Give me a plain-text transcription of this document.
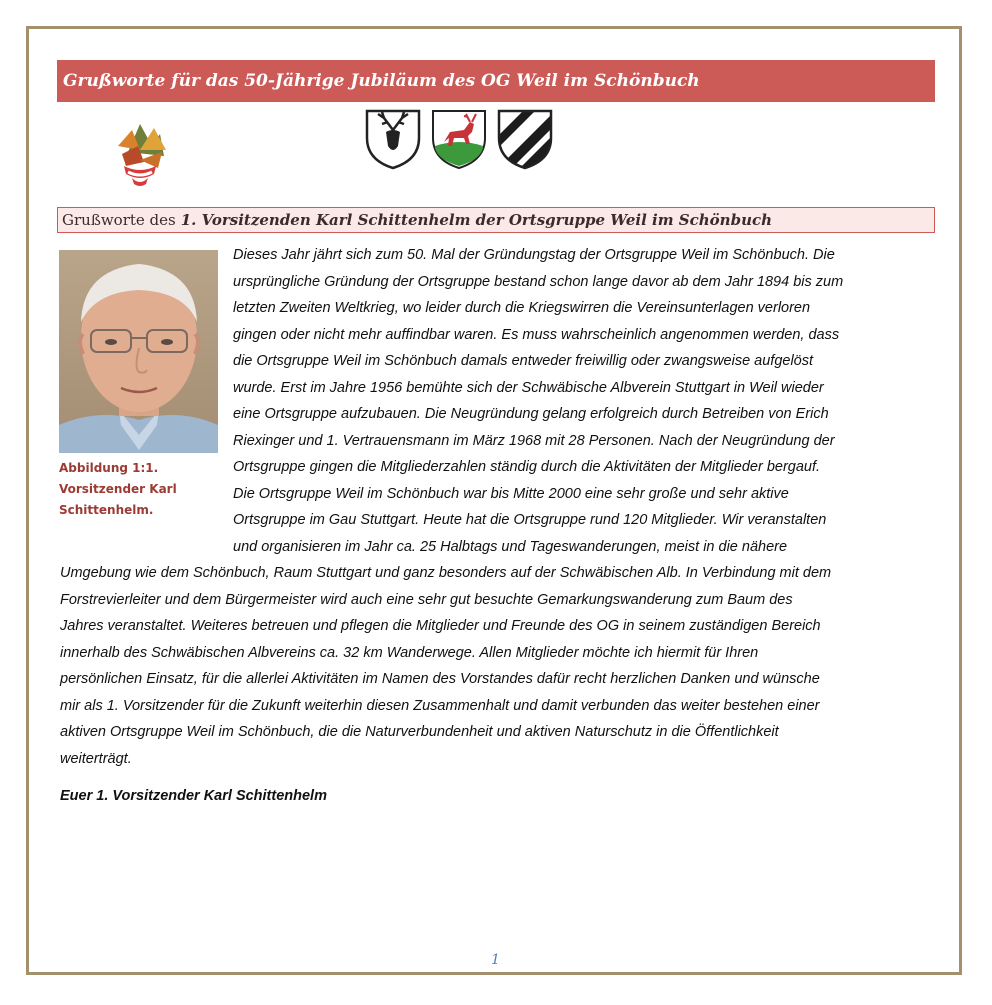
Grußworte für das 50-Jährige Jubiläum des OG Weil im Schönbuch
Grußworte des 1. Vorsitzenden Karl Schittenhelm der Ortsgruppe Weil im Schönbuch
Abbildung 1:1.
Vorsitzender Karl
Schittenhelm.
Dieses Jahr jährt sich zum 50. Mal der Gründungstag der Ortsgruppe Weil im Schönbuch. Die
ursprüngliche Gründung der Ortsgruppe bestand schon lange davor ab dem Jahr 1894 bis zum
letzten Zweiten Weltkrieg, wo leider durch die Kriegswirren die Vereinsunterlagen verloren
gingen oder nicht mehr auffindbar waren. Es muss wahrscheinlich angenommen werden, dass
die Ortsgruppe Weil im Schönbuch damals entweder freiwillig oder zwangsweise aufgelöst
wurde. Erst im Jahre 1956 bemühte sich der Schwäbische Albverein Stuttgart in Weil wieder
eine Ortsgruppe aufzubauen. Die Neugründung gelang erfolgreich durch Betreiben von Erich
Riexinger und 1. Vertrauensmann im März 1968 mit 28 Personen. Nach der Neugründung der
Ortsgruppe gingen die Mitgliederzahlen ständig durch die Aktivitäten der Mitglieder bergauf.
Die Ortsgruppe Weil im Schönbuch war bis Mitte 2000 eine sehr große und sehr aktive
Ortsgruppe im Gau Stuttgart. Heute hat die Ortsgruppe rund 120 Mitglieder. Wir veranstalten
und organisieren im Jahr ca. 25 Halbtags und Tageswanderungen, meist in die nähere
Umgebung wie dem Schönbuch, Raum Stuttgart und ganz besonders auf der Schwäbischen Alb. In Verbindung mit dem
Forstrevierleiter und dem Bürgermeister wird auch eine sehr gut besuchte Gemarkungswanderung zum Baum des
Jahres veranstaltet. Weiteres betreuen und pflegen die Mitglieder und Freunde des OG in seinem zuständigen Bereich
innerhalb des Schwäbischen Albvereins ca. 32 km Wanderwege. Allen Mitglieder möchte ich hiermit für Ihren
persönlichen Einsatz, für die allerlei Aktivitäten im Namen des Vorstandes dafür recht herzlichen Danken und wünsche
mir als 1. Vorsitzender für die Zukunft weiterhin diesen Zusammenhalt und damit verbunden das weiter bestehen einer
aktiven Ortsgruppe Weil im Schönbuch, die die Naturverbundenheit und aktiven Naturschutz in die Öffentlichkeit
weiterträgt.
Euer 1. Vorsitzender Karl Schittenhelm
1
